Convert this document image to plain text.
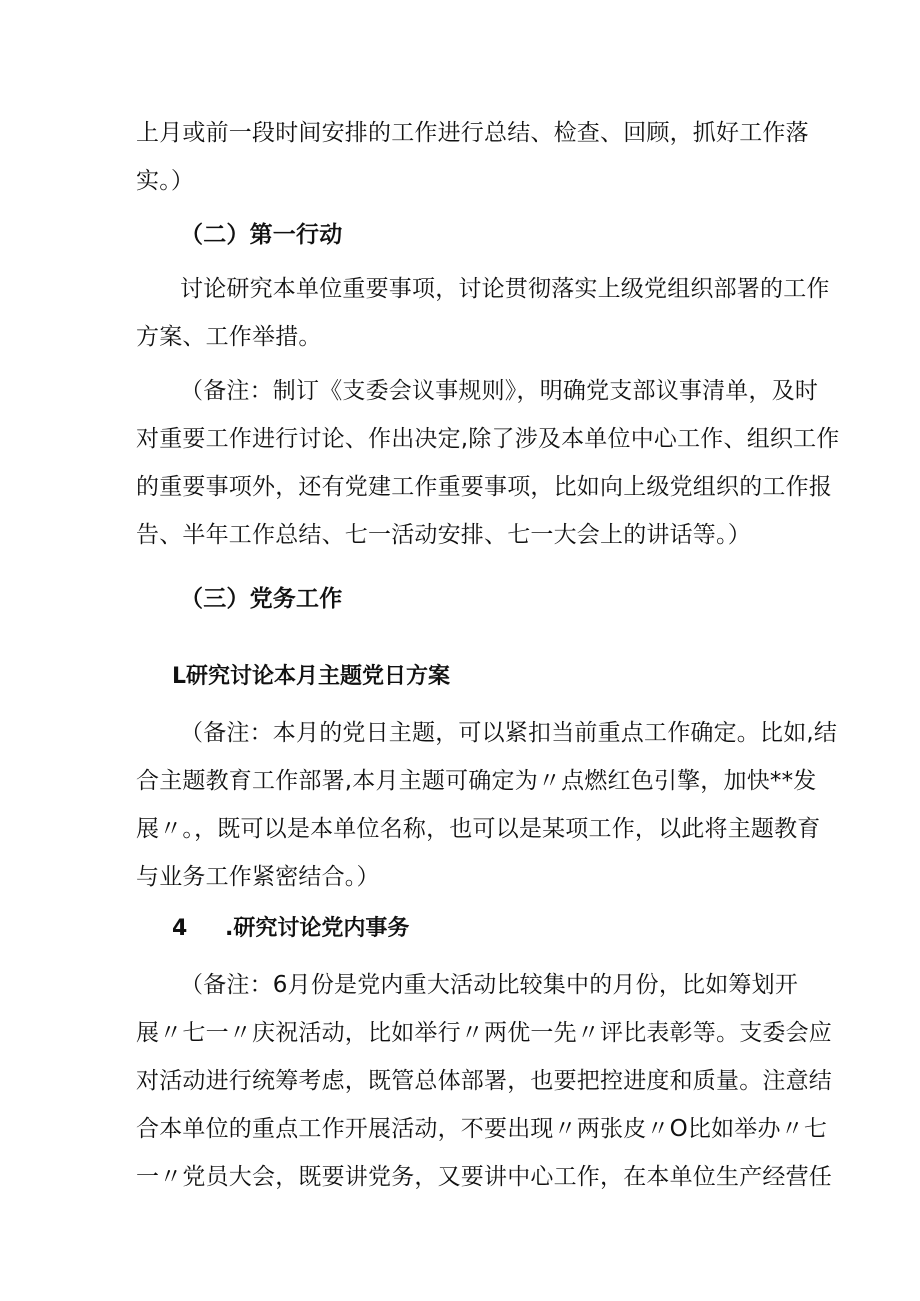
上月或前一段时间安排的工作进行总结、检查、回顾，抓好工作落
实。）
（二）第一行动
讨论研究本单位重要事项，讨论贯彻落实上级党组织部署的工作
方案、工作举措。
（备注：制订《支委会议事规则》，明确党支部议事清单，及时
对重要工作进行讨论、作出决定,除了涉及本单位中心工作、组织工作
的重要事项外，还有党建工作重要事项，比如向上级党组织的工作报
告、半年工作总结、七一活动安排、七一大会上的讲话等。）
（三）党务工作
L研究讨论本月主题党日方案
（备注：本月的党日主题，可以紧扣当前重点工作确定。比如,结
合主题教育工作部署,本月主题可确定为〃点燃红色引擎，加快**发
展〃。，既可以是本单位名称，也可以是某项工作，以此将主题教育
与业务工作紧密结合。）
4 .研究讨论党内事务
（备注：6月份是党内重大活动比较集中的月份，比如筹划开
展〃七一〃庆祝活动，比如举行〃两优一先〃评比表彰等。支委会应
对活动进行统筹考虑，既管总体部署，也要把控进度和质量。注意结
合本单位的重点工作开展活动，不要出现〃两张皮〃O比如举办〃七
一〃党员大会，既要讲党务，又要讲中心工作，在本单位生产经营任
